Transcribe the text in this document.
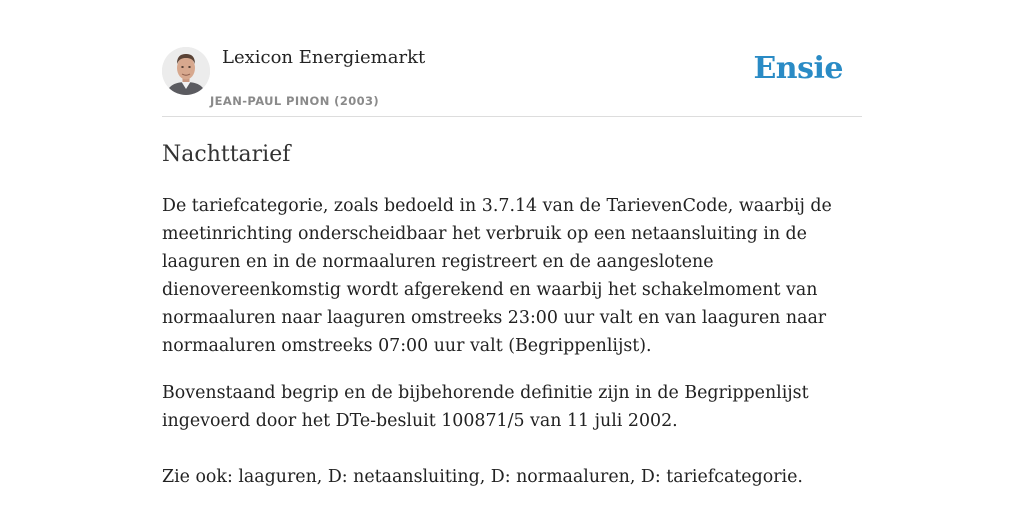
Lexicon Energiemarkt
JEAN-PAUL PINON (2003)
Ensie
Nachttarief

De tariefcategorie, zoals bedoeld in 3.7.14 van de TarievenCode, waarbij de meetinrichting onderscheidbaar het verbruik op een netaansluiting in de laaguren en in de normaaluren registreert en de aangeslotene dienovereenkomstig wordt afgerekend en waarbij het schakelmoment van normaaluren naar laaguren omstreeks 23:00 uur valt en van laaguren naar normaaluren omstreeks 07:00 uur valt (Begrippenlijst).

Bovenstaand begrip en de bijbehorende definitie zijn in de Begrippenlijst ingevoerd door het DTe-besluit 100871/5 van 11 juli 2002.

Zie ook: laaguren, D: netaansluiting, D: normaaluren, D: tariefcategorie.
